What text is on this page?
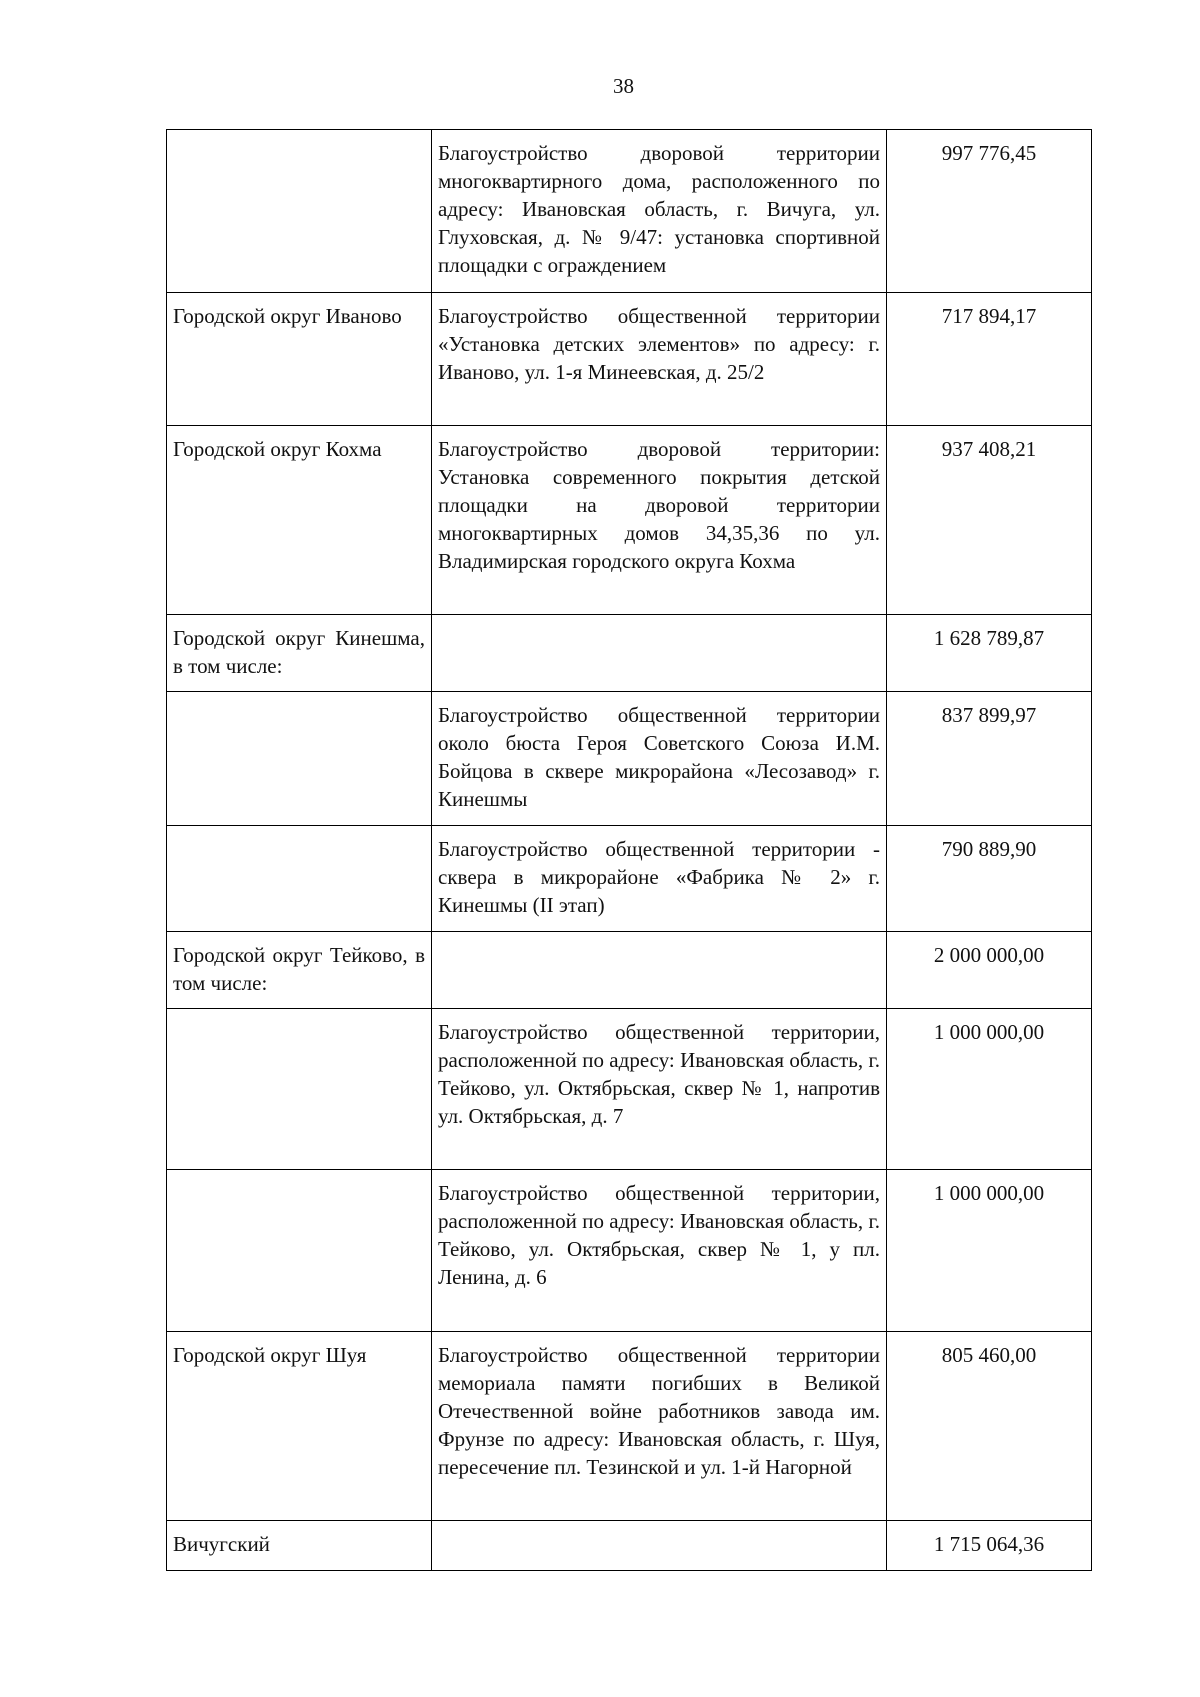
38
	Благоустройство дворовой территории многоквартирного дома, расположенного по адресу: Ивановская область, г. Вичуга, ул. Глуховская, д. № 9/47: установка спортивной площадки с ограждением	997 776,45
Городской округ Иваново	Благоустройство общественной территории «Установка детских элементов» по адресу: г. Иваново, ул. 1-я Минеевская, д. 25/2	717 894,17
Городской округ Кохма	Благоустройство дворовой территории: Установка современного покрытия детской площадки на дворовой территории многоквартирных домов 34,35,36 по ул. Владимирская городского округа Кохма	937 408,21
Городской округ Кинешма, в том числе:		1 628 789,87
	Благоустройство общественной территории около бюста Героя Советского Союза И.М. Бойцова в сквере микрорайона «Лесозавод» г. Кинешмы	837 899,97
	Благоустройство общественной территории - сквера в микрорайоне «Фабрика № 2» г. Кинешмы (II этап)	790 889,90
Городской округ Тейково, в том числе:		2 000 000,00
	Благоустройство общественной территории, расположенной по адресу: Ивановская область, г. Тейково, ул. Октябрьская, сквер № 1, напротив ул. Октябрьская, д. 7	1 000 000,00
	Благоустройство общественной территории, расположенной по адресу: Ивановская область, г. Тейково, ул. Октябрьская, сквер № 1, у пл. Ленина, д. 6	1 000 000,00
Городской округ Шуя	Благоустройство общественной территории мемориала памяти погибших в Великой Отечественной войне работников завода им. Фрунзе по адресу: Ивановская область, г. Шуя, пересечение пл. Тезинской и ул. 1-й Нагорной	805 460,00
Вичугский		1 715 064,36
